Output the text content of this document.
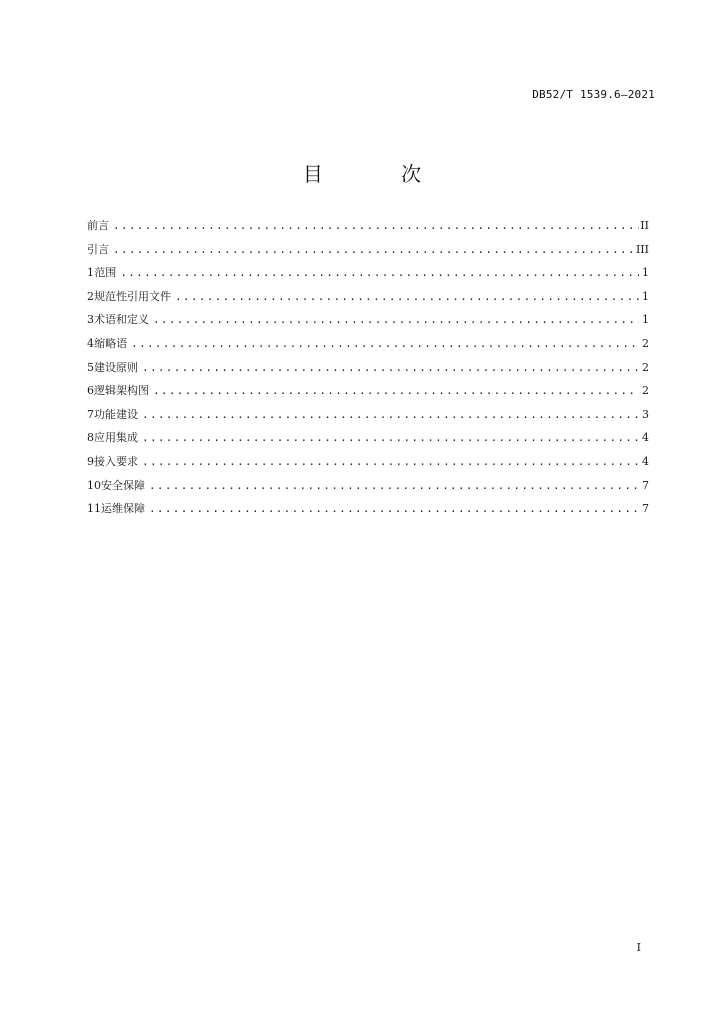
DB52/T 1539.6—2021
目 次
前言 .....	II
引言 .....	III
1 范围 .....	1
2 规范性引用文件 .....	1
3 术语和定义 .....	1
4 缩略语 .....	2
5 建设原则 .....	2
6 逻辑架构图 .....	2
7 功能建设 .....	3
8 应用集成 .....	4
9 接入要求 .....	4
10 安全保障 .....	7
11 运维保障 .....	7
I
